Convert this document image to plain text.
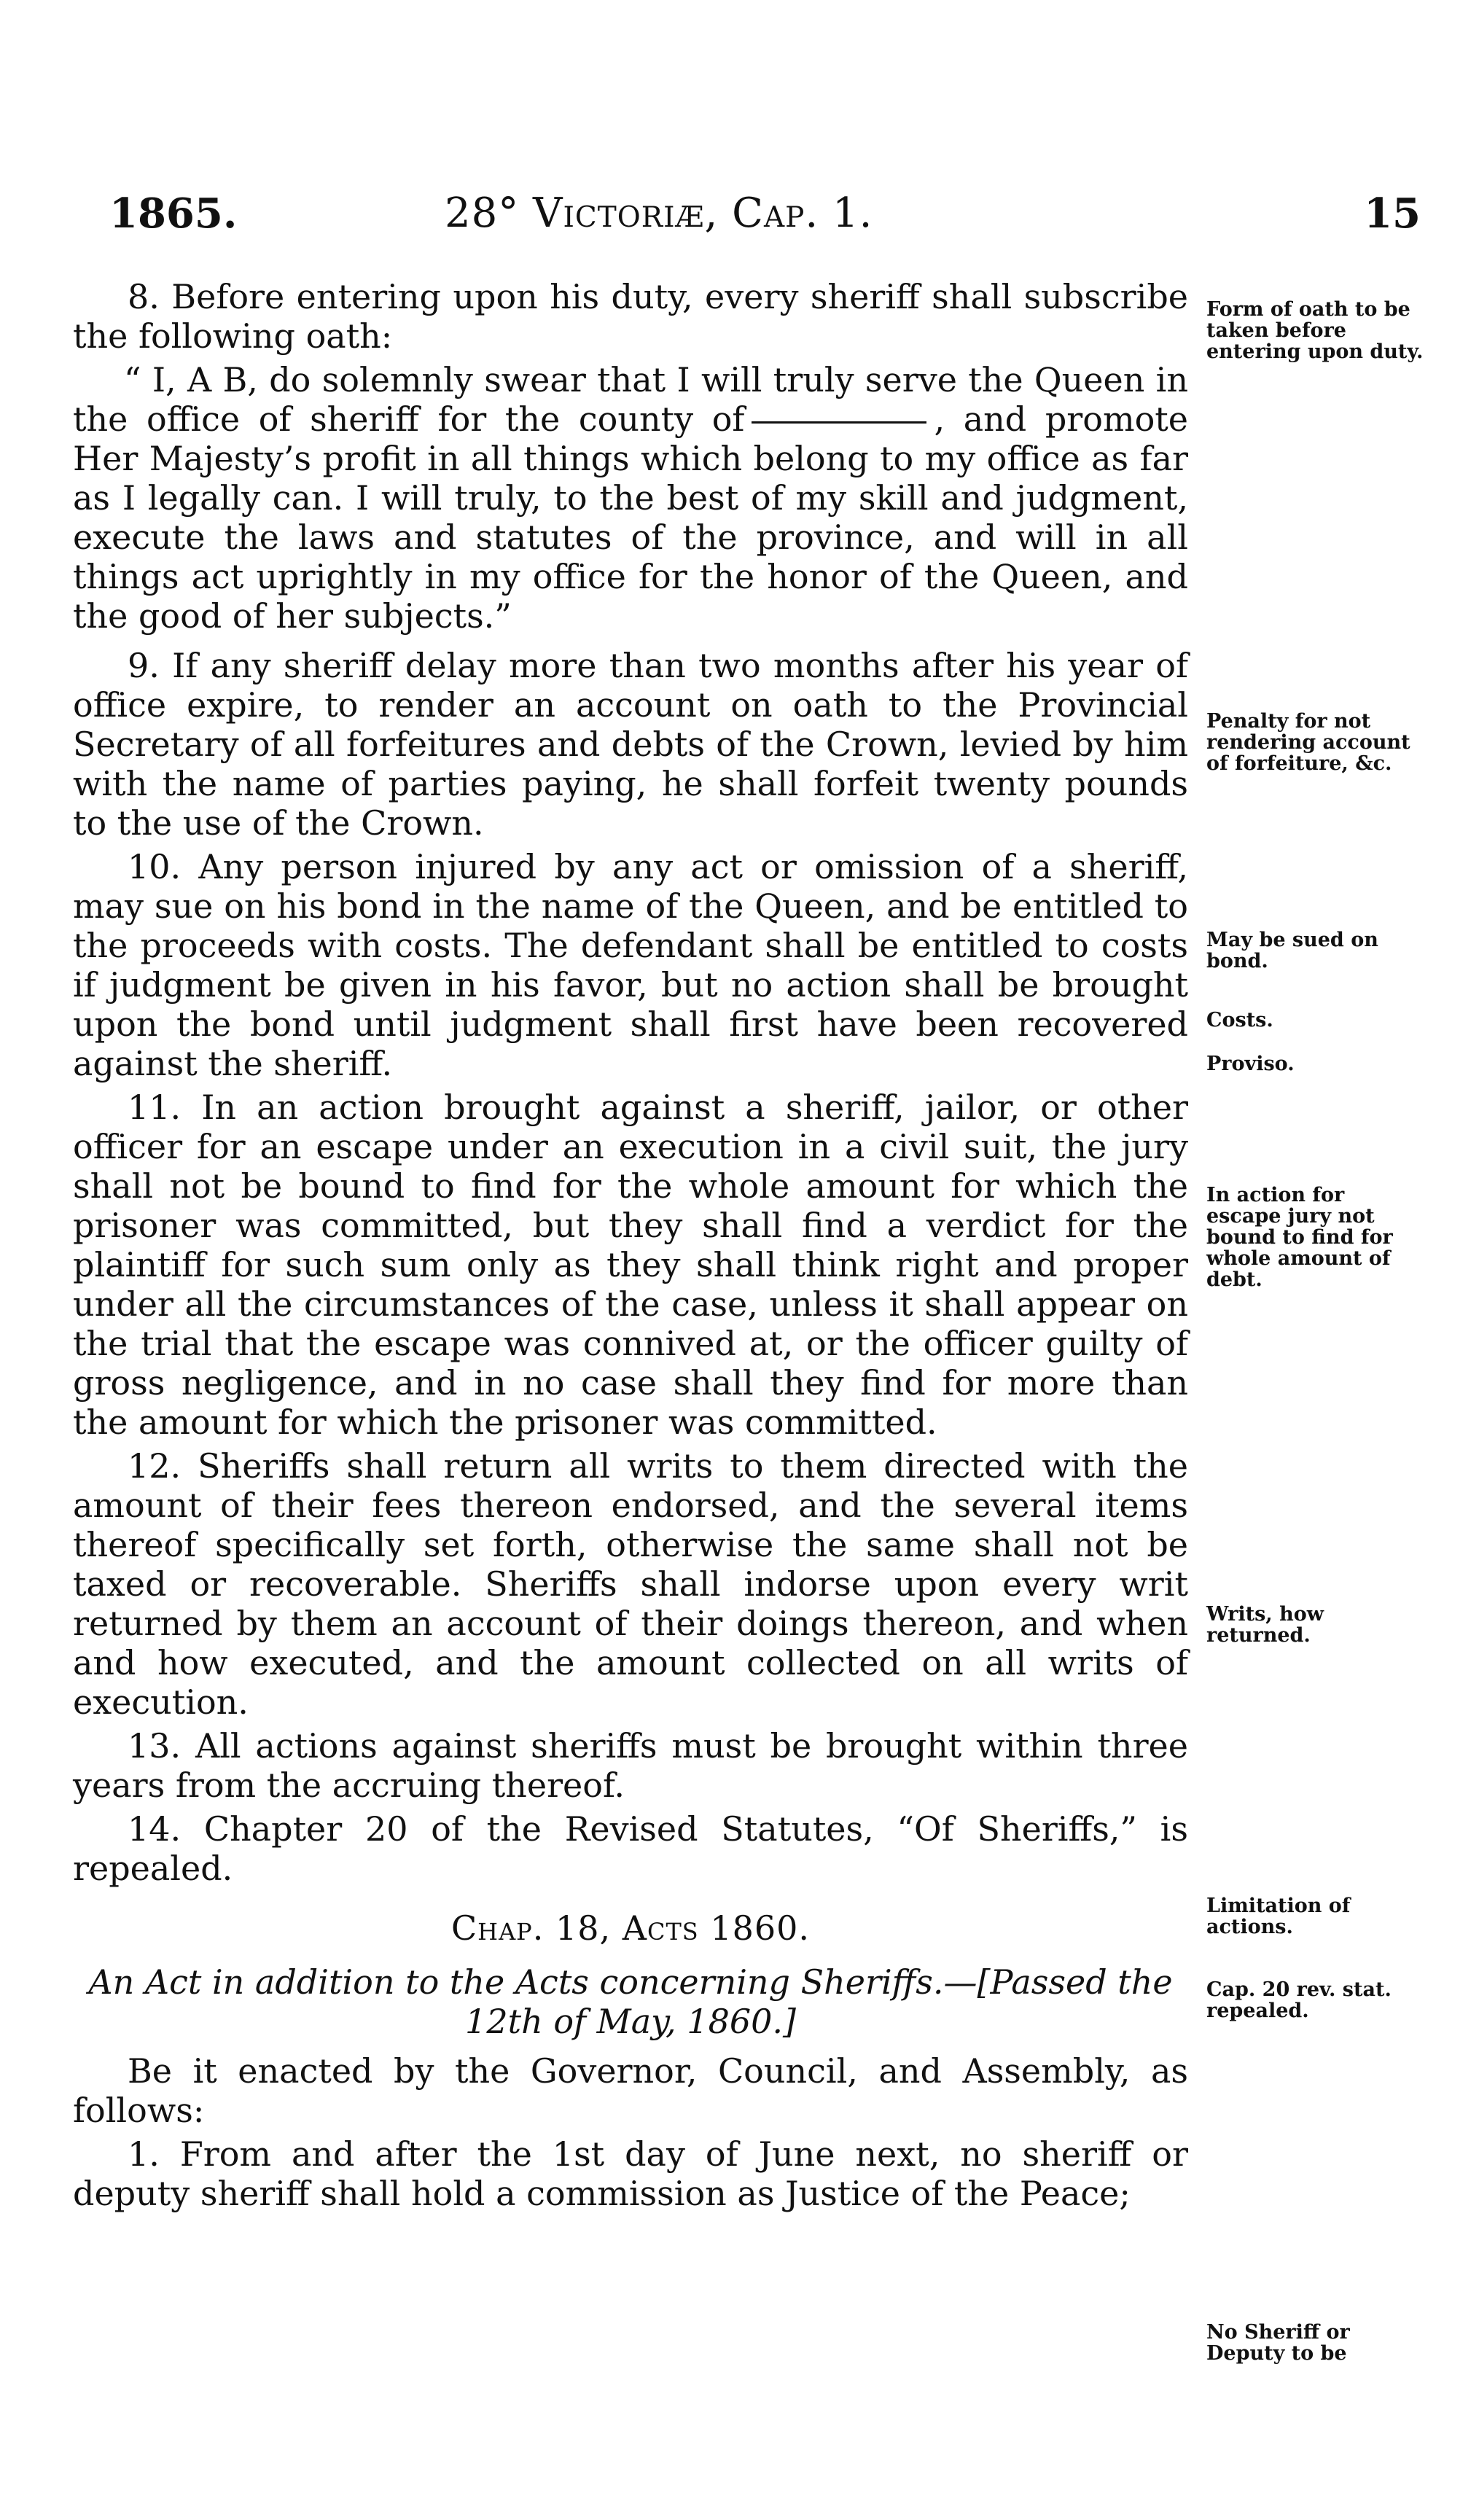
1865.	28° Victoriæ, Cap. 1.	15

8. Before entering upon his duty, every sheriff shall subscribe the following oath:

“ I, A B, do solemnly swear that I will truly serve the Queen in the office of sheriff for the county of	, and promote Her Majesty’s profit in all things which belong to my office as far as I legally can. I will truly, to the best of my skill and judgment, execute the laws and statutes of the province, and will in all things act uprightly in my office for the honor of the Queen, and the good of her subjects.”

9. If any sheriff delay more than two months after his year of office expire, to render an account on oath to the Provincial Secretary of all forfeitures and debts of the Crown, levied by him with the name of parties paying, he shall forfeit twenty pounds to the use of the Crown.

10. Any person injured by any act or omission of a sheriff, may sue on his bond in the name of the Queen, and be entitled to the proceeds with costs. The defendant shall be entitled to costs if judgment be given in his favor, but no action shall be brought upon the bond until judgment shall first have been recovered against the sheriff.

11. In an action brought against a sheriff, jailor, or other officer for an escape under an execution in a civil suit, the jury shall not be bound to find for the whole amount for which the prisoner was committed, but they shall find a verdict for the plaintiff for such sum only as they shall think right and proper under all the circumstances of the case, unless it shall appear on the trial that the escape was connived at, or the officer guilty of gross negligence, and in no case shall they find for more than the amount for which the prisoner was committed.

12. Sheriffs shall return all writs to them directed with the amount of their fees thereon endorsed, and the several items thereof specifically set forth, otherwise the same shall not be taxed or recoverable. Sheriffs shall indorse upon every writ returned by them an account of their doings thereon, and when and how executed, and the amount collected on all writs of execution.

13. All actions against sheriffs must be brought within three years from the accruing thereof.

14. Chapter 20 of the Revised Statutes, “Of Sheriffs,” is repealed.

Chap. 18, Acts 1860.

An Act in addition to the Acts concerning Sheriffs.—[Passed the 12th of May, 1860.]

Be it enacted by the Governor, Council, and Assembly, as follows:

1. From and after the 1st day of June next, no sheriff or deputy sheriff shall hold a commission as Justice of the Peace;

Form of oath to be taken before entering upon duty.
Penalty for not rendering account of forfeiture, &c.
May be sued on bond.
Costs.
Proviso.
In action for escape jury not bound to find for whole amount of debt.
Writs, how returned.
Limitation of actions.
Cap. 20 rev. stat. repealed.
No Sheriff or Deputy to be
